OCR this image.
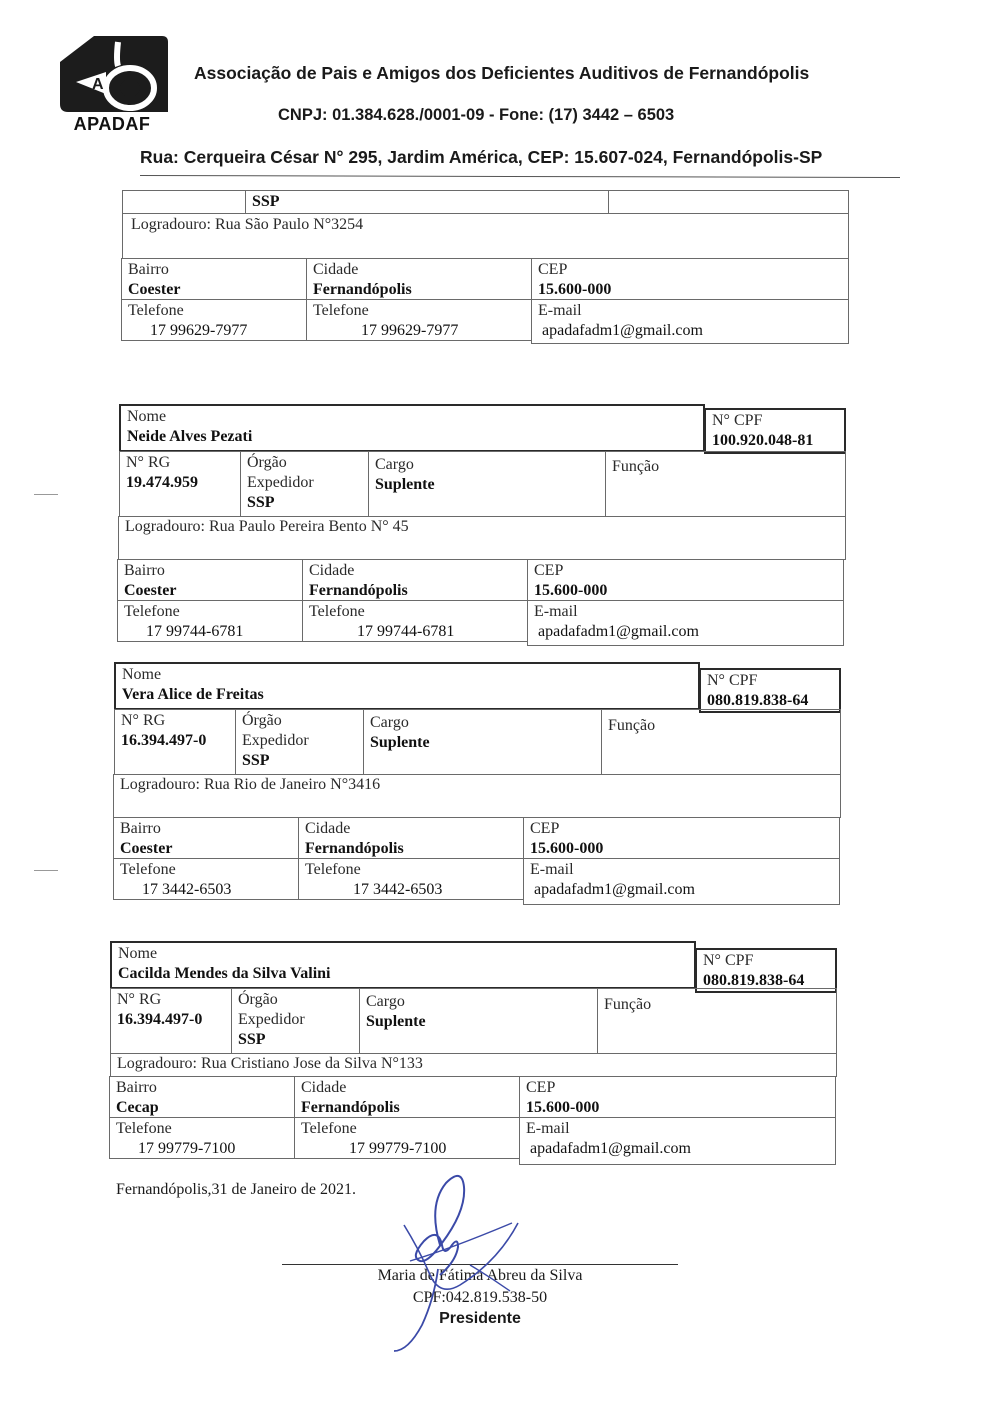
A
APADAF
Associação de Pais e Amigos dos Deficientes Auditivos de Fernandópolis
CNPJ: 01.384.628./0001-09 - Fone: (17) 3442 – 6503
Rua: Cerqueira César N° 295, Jardim América, CEP: 15.607-024, Fernandópolis-SP
SSP
Logradouro: Rua São Paulo N°3254
Bairro
Coester
Cidade
Fernandópolis
CEP
15.600-000
Telefone
17 99629-7977
Telefone
17 99629-7977
E-mail
apadafadm1@gmail.com
Nome
Neide Alves Pezati
N° CPF
100.920.048-81
N° RG
19.474.959
Órgão
Expedidor
SSP
Cargo
Suplente
Função
Logradouro: Rua Paulo Pereira Bento N° 45
Bairro
Coester
Cidade
Fernandópolis
CEP
15.600-000
Telefone
17 99744-6781
Telefone
17 99744-6781
E-mail
apadafadm1@gmail.com
Nome
Vera Alice de Freitas
N° CPF
080.819.838-64
N° RG
16.394.497-0
Órgão
Expedidor
SSP
Cargo
Suplente
Função
Logradouro: Rua Rio de Janeiro N°3416
Bairro
Coester
Cidade
Fernandópolis
CEP
15.600-000
Telefone
17 3442-6503
Telefone
17 3442-6503
E-mail
apadafadm1@gmail.com
Nome
Cacilda Mendes da Silva Valini
N° CPF
080.819.838-64
N° RG
16.394.497-0
Órgão
Expedidor
SSP
Cargo
Suplente
Função
Logradouro: Rua Cristiano Jose da Silva N°133
Bairro
Cecap
Cidade
Fernandópolis
CEP
15.600-000
Telefone
17 99779-7100
Telefone
17 99779-7100
E-mail
apadafadm1@gmail.com
Fernandópolis,31 de Janeiro de 2021.
Maria de Fátima Abreu da Silva
CPF:042.819.538-50
Presidente
